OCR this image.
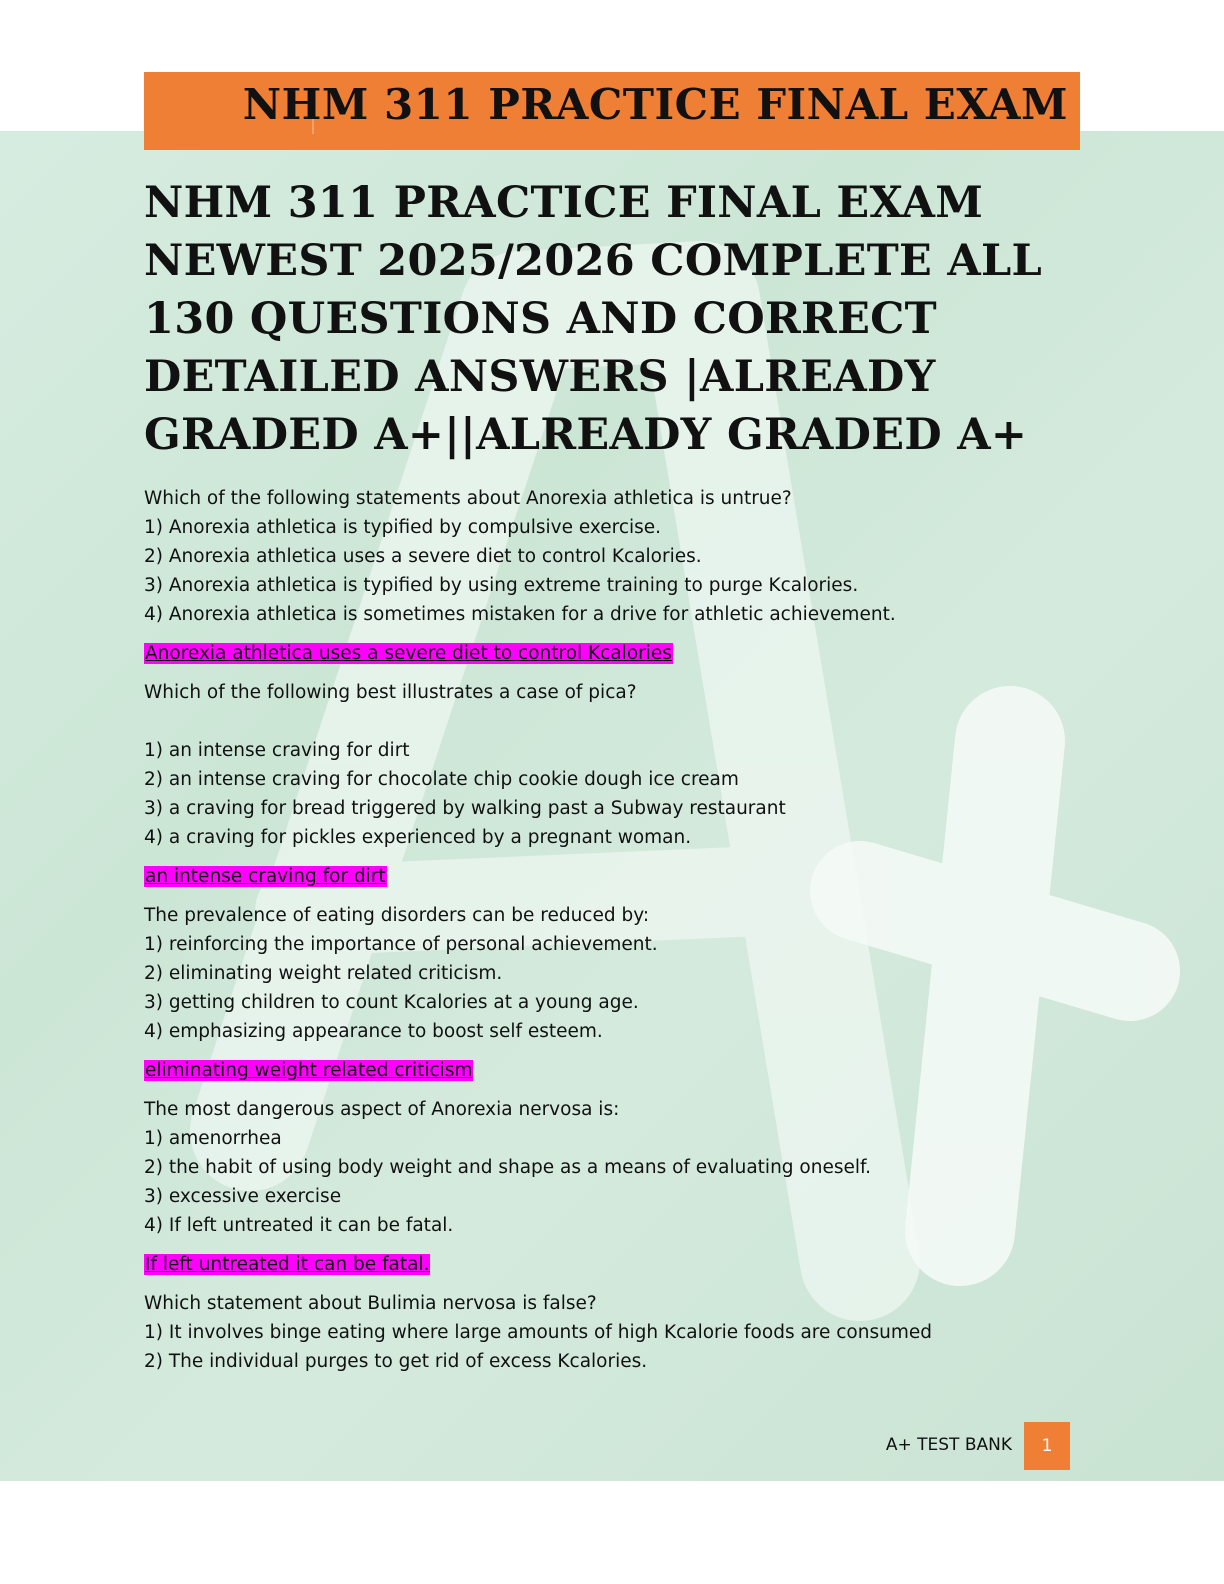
NHM 311 PRACTICE FINAL EXAM
NHM 311 PRACTICE FINAL EXAM NEWEST 2025/2026 COMPLETE ALL 130 QUESTIONS AND CORRECT DETAILED ANSWERS |ALREADY GRADED A+||ALREADY GRADED A+
Which of the following statements about Anorexia athletica is untrue?
1) Anorexia athletica is typified by compulsive exercise.
2) Anorexia athletica uses a severe diet to control Kcalories.
3) Anorexia athletica is typified by using extreme training to purge Kcalories.
4) Anorexia athletica is sometimes mistaken for a drive for athletic achievement.
Anorexia athletica uses a severe diet to control Kcalories
Which of the following best illustrates a case of pica?
1) an intense craving for dirt
2) an intense craving for chocolate chip cookie dough ice cream
3) a craving for bread triggered by walking past a Subway restaurant
4) a craving for pickles experienced by a pregnant woman.
an intense craving for dirt
The prevalence of eating disorders can be reduced by:
1) reinforcing the importance of personal achievement.
2) eliminating weight related criticism.
3) getting children to count Kcalories at a young age.
4) emphasizing appearance to boost self esteem.
eliminating weight related criticism
The most dangerous aspect of Anorexia nervosa is:
1) amenorrhea
2) the habit of using body weight and shape as a means of evaluating oneself.
3) excessive exercise
4) If left untreated it can be fatal.
If left untreated it can be fatal.
Which statement about Bulimia nervosa is false?
1) It involves binge eating where large amounts of high Kcalorie foods are consumed
2) The individual purges to get rid of excess Kcalories.
A+ TEST BANK	1
